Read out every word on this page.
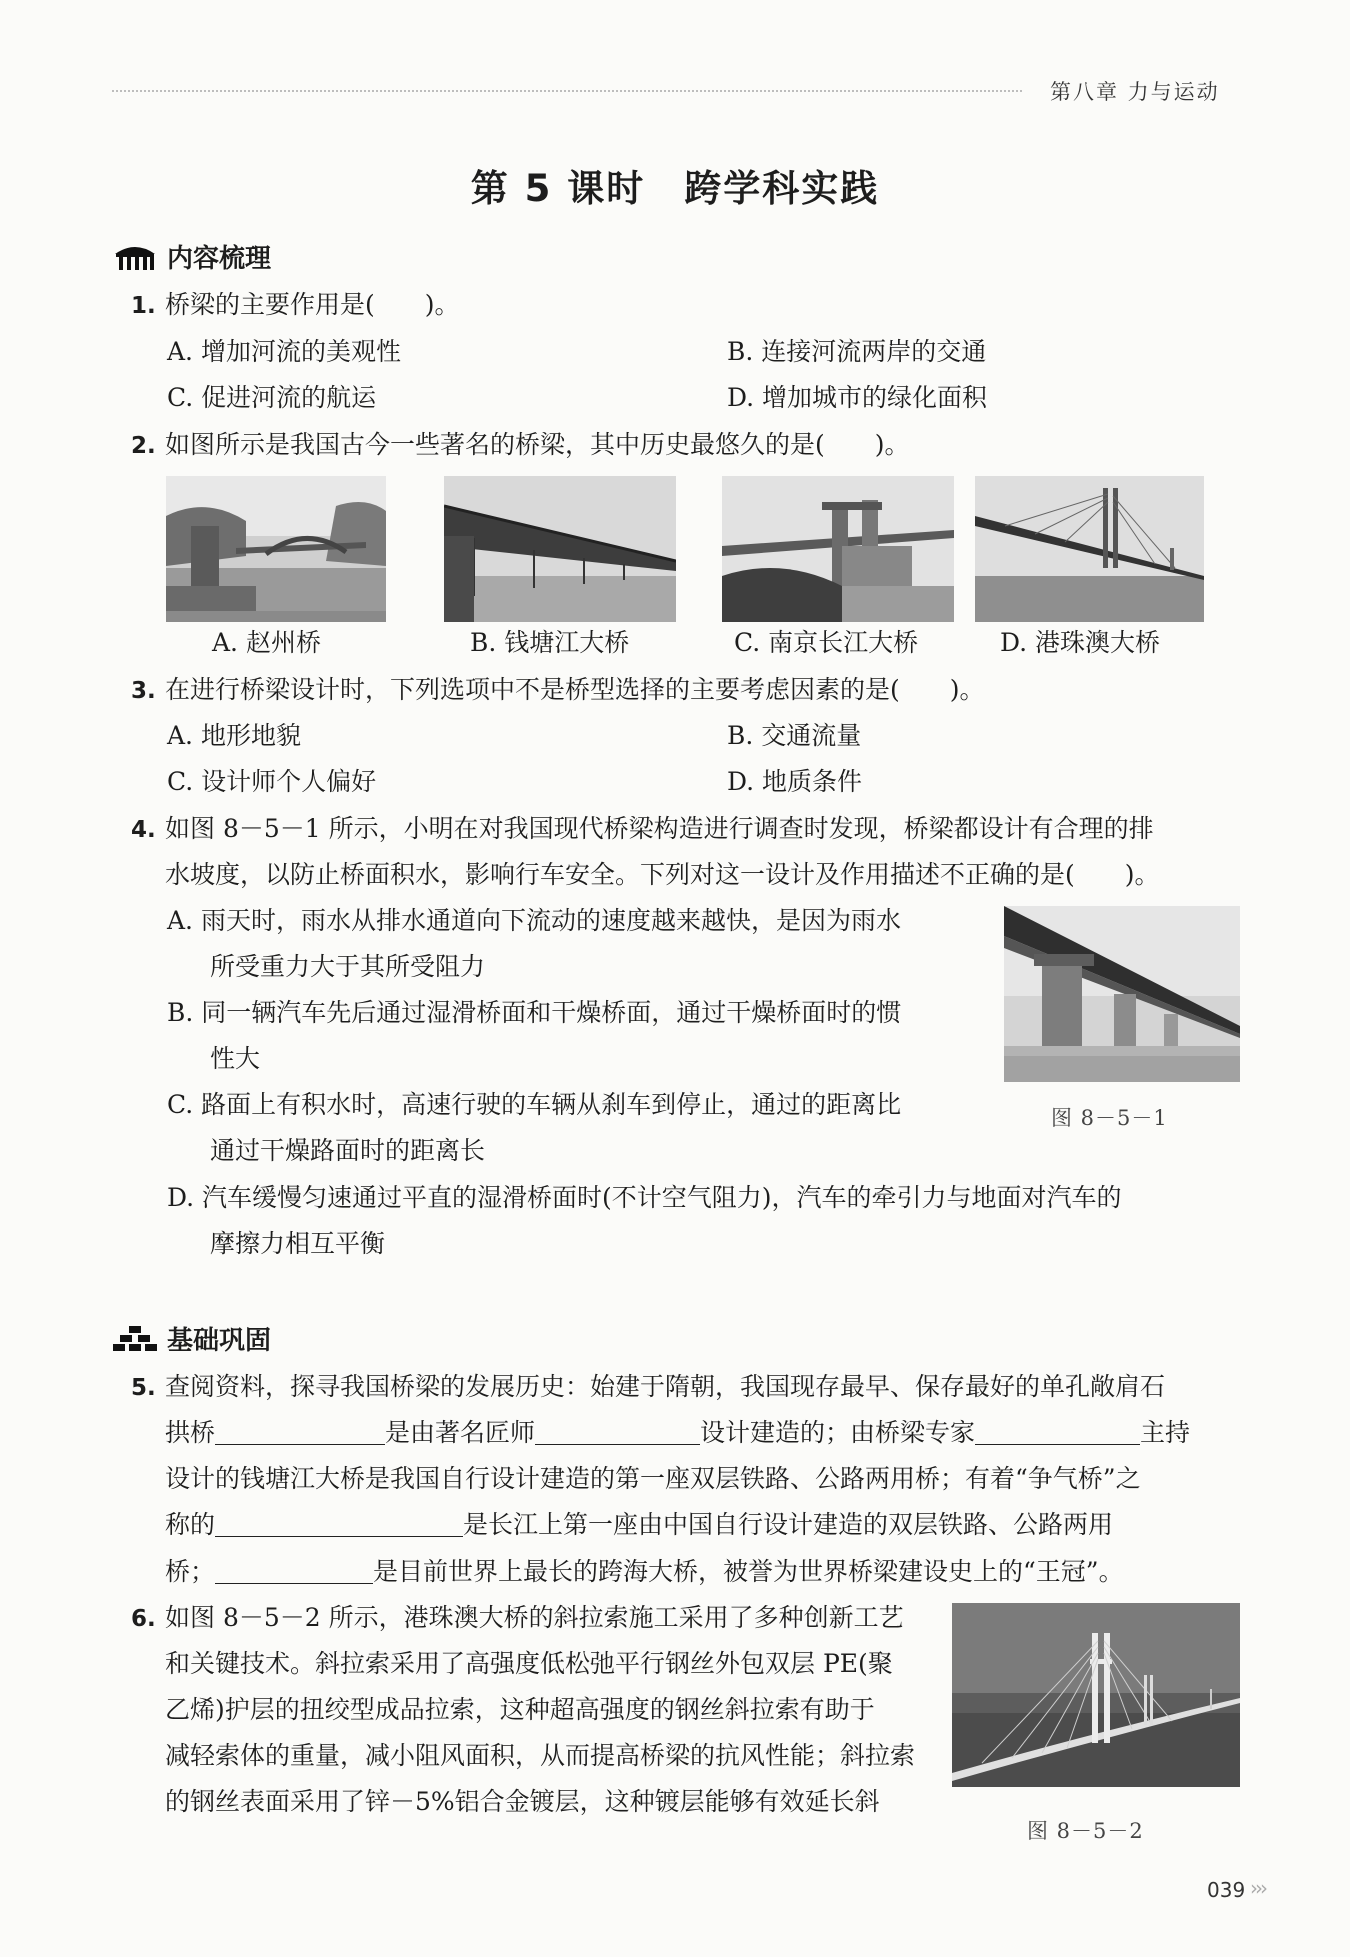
第八章 力与运动
第 5 课时　跨学科实践
内容梳理
1. 桥梁的主要作用是(　　)。
A. 增加河流的美观性	B. 连接河流两岸的交通
C. 促进河流的航运	D. 增加城市的绿化面积
2. 如图所示是我国古今一些著名的桥梁，其中历史最悠久的是(　　)。
A. 赵州桥	B. 钱塘江大桥	C. 南京长江大桥	D. 港珠澳大桥
3. 在进行桥梁设计时，下列选项中不是桥型选择的主要考虑因素的是(　　)。
A. 地形地貌	B. 交通流量
C. 设计师个人偏好	D. 地质条件
4. 如图 8－5－1 所示，小明在对我国现代桥梁构造进行调查时发现，桥梁都设计有合理的排
水坡度，以防止桥面积水，影响行车安全。下列对这一设计及作用描述不正确的是(　　)。
A. 雨天时，雨水从排水通道向下流动的速度越来越快，是因为雨水
所受重力大于其所受阻力
B. 同一辆汽车先后通过湿滑桥面和干燥桥面，通过干燥桥面时的惯
性大
C. 路面上有积水时，高速行驶的车辆从刹车到停止，通过的距离比
通过干燥路面时的距离长
D. 汽车缓慢匀速通过平直的湿滑桥面时(不计空气阻力)，汽车的牵引力与地面对汽车的
摩擦力相互平衡
图 8－5－1
基础巩固
5. 查阅资料，探寻我国桥梁的发展历史：始建于隋朝，我国现存最早、保存最好的单孔敞肩石
拱桥	是由著名匠师	设计建造的；由桥梁专家	主持
设计的钱塘江大桥是我国自行设计建造的第一座双层铁路、公路两用桥；有着“争气桥”之
称的	是长江上第一座由中国自行设计建造的双层铁路、公路两用
桥；	是目前世界上最长的跨海大桥，被誉为世界桥梁建设史上的“王冠”。
6. 如图 8－5－2 所示，港珠澳大桥的斜拉索施工采用了多种创新工艺
和关键技术。斜拉索采用了高强度低松弛平行钢丝外包双层 PE(聚
乙烯)护层的扭绞型成品拉索，这种超高强度的钢丝斜拉索有助于
减轻索体的重量，减小阻风面积，从而提高桥梁的抗风性能；斜拉索
的钢丝表面采用了锌－5%铝合金镀层，这种镀层能够有效延长斜
图 8－5－2
039 ›››
